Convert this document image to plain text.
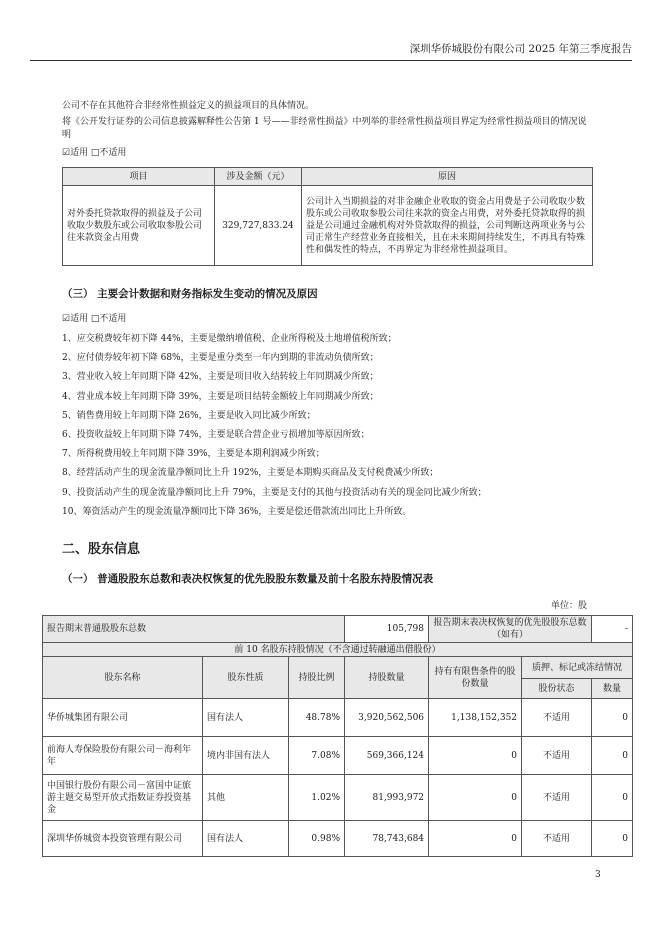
深圳华侨城股份有限公司 2025 年第三季度报告
公司不存在其他符合非经常性损益定义的损益项目的具体情况。
将《公开发行证券的公司信息披露解释性公告第 1 号——非经常性损益》中列举的非经常性损益项目界定为经常性损益项目的情况说明
☑适用 □不适用
项目	涉及金额（元）	原因
对外委托贷款取得的损益及子公司收取少数股东或公司收取参股公司往来款资金占用费	329,727,833.24	公司计入当期损益的对非金融企业收取的资金占用费是子公司收取少数股东或公司收取参股公司往来款的资金占用费，对外委托贷款取得的损益是公司通过金融机构对外贷款取得的损益，公司判断这两项业务与公司正常生产经营业务直接相关，且在未来期间持续发生，不再具有特殊性和偶发性的特点，不再界定为非经常性损益项目。
（三） 主要会计数据和财务指标发生变动的情况及原因
☑适用 □不适用
1、应交税费较年初下降 44%，主要是缴纳增值税、企业所得税及土地增值税所致；
2、应付债券较年初下降 68%，主要是重分类至一年内到期的非流动负债所致；
3、营业收入较上年同期下降 42%，主要是项目收入结转较上年同期减少所致；
4、营业成本较上年同期下降 39%，主要是项目结转金额较上年同期减少所致；
5、销售费用较上年同期下降 26%，主要是收入同比减少所致；
6、投资收益较上年同期下降 74%，主要是联合营企业亏损增加等原因所致；
7、所得税费用较上年同期下降 39%，主要是本期利润减少所致；
8、经营活动产生的现金流量净额同比上升 192%，主要是本期购买商品及支付税费减少所致；
9、投资活动产生的现金流量净额同比上升 79%，主要是支付的其他与投资活动有关的现金同比减少所致；
10、筹资活动产生的现金流量净额同比下降 36%，主要是偿还借款流出同比上升所致。
二、股东信息
（一） 普通股股东总数和表决权恢复的优先股股东数量及前十名股东持股情况表
单位：股
报告期末普通股股东总数			105,798	报告期末表决权恢复的优先股股东总数（如有）		-
前 10 名股东持股情况（不含通过转融通出借股份）						
股东名称	股东性质	持股比例	持股数量	持有有限售条件的股份数量	质押、标记或冻结情况	
					股份状态	数量
华侨城集团有限公司	国有法人	48.78%	3,920,562,506	1,138,152,352	不适用	0
前海人寿保险股份有限公司－海利年年	境内非国有法人	7.08%	569,366,124	0	不适用	0
中国银行股份有限公司－富国中证旅游主题交易型开放式指数证券投资基金	其他	1.02%	81,993,972	0	不适用	0
深圳华侨城资本投资管理有限公司	国有法人	0.98%	78,743,684	0	不适用	0
3
